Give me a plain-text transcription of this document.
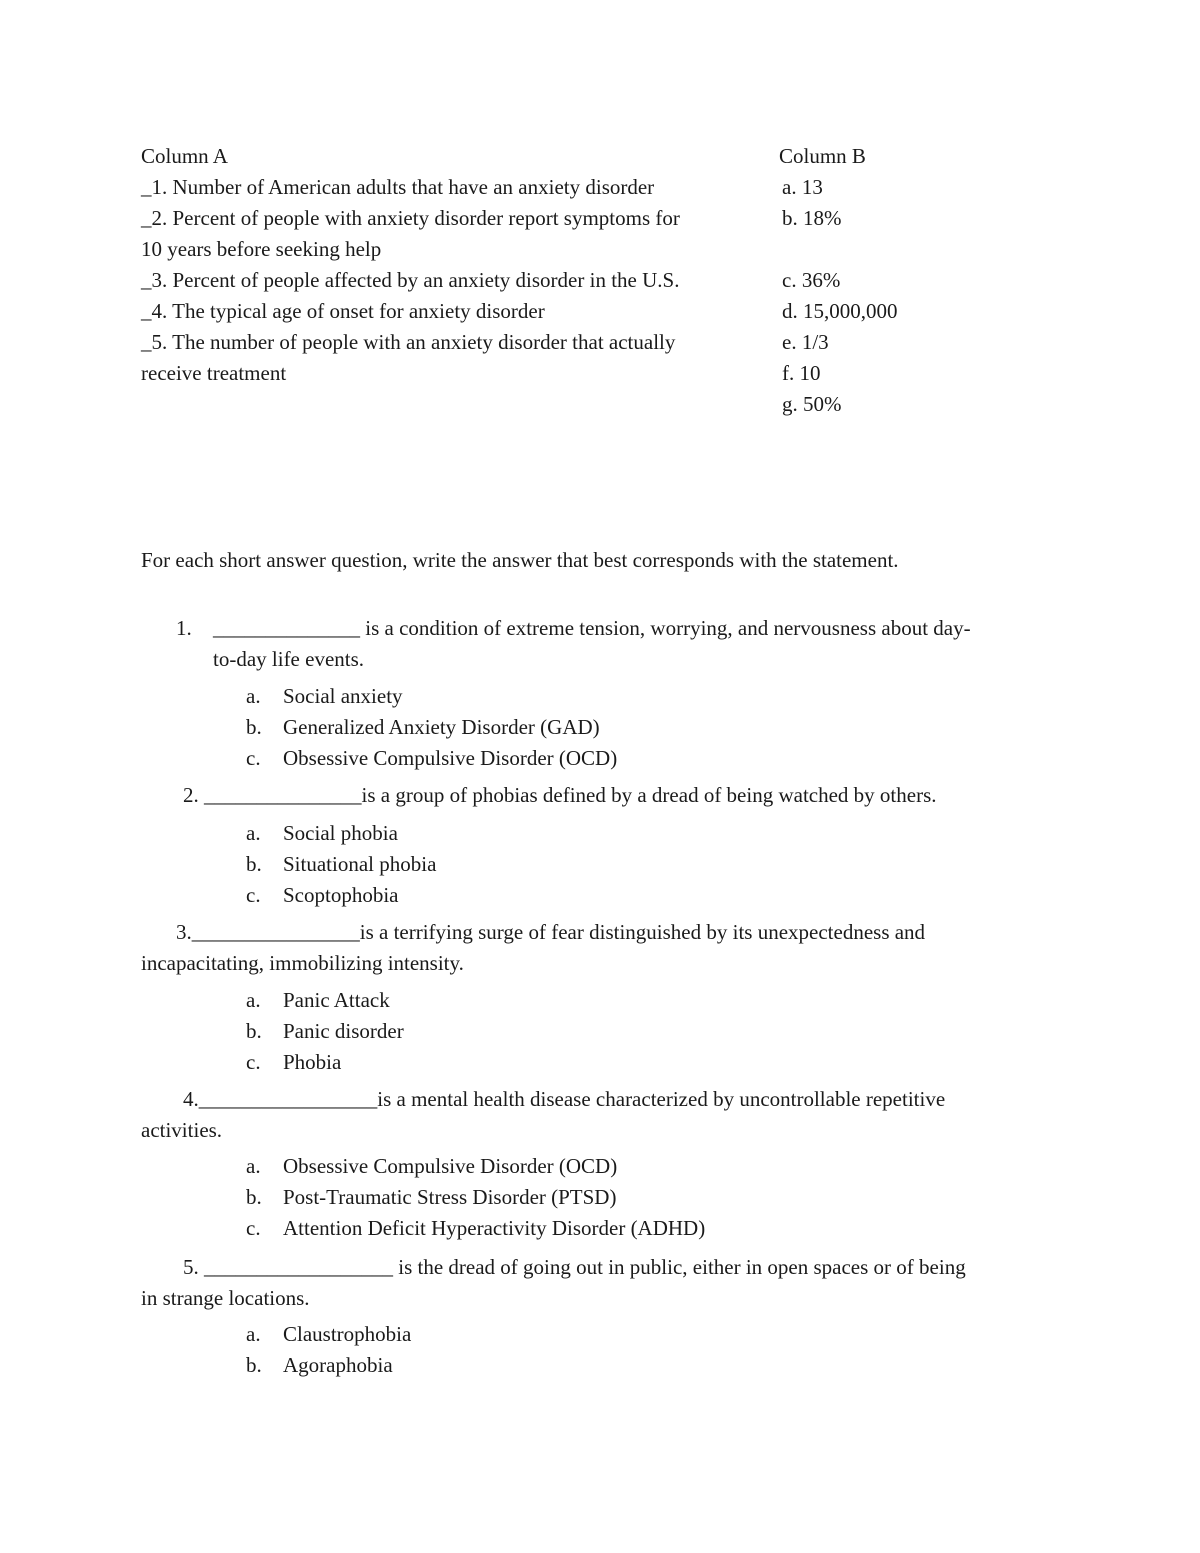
Column A
_1. Number of American adults that have an anxiety disorder
_2. Percent of people with anxiety disorder report symptoms for
10 years before seeking help
_3. Percent of people affected by an anxiety disorder in the U.S.
_4. The typical age of onset for anxiety disorder
_5. The number of people with an anxiety disorder that actually
receive treatment
Column B
a. 13
b. 18%
c. 36%
d. 15,000,000
e. 1/3
f. 10
g. 50%
For each short answer question, write the answer that best corresponds with the statement.
1. ______________ is a condition of extreme tension, worrying, and nervousness about day-
to-day life events.
a. Social anxiety
b. Generalized Anxiety Disorder (GAD)
c. Obsessive Compulsive Disorder (OCD)
2. _______________is a group of phobias defined by a dread of being watched by others.
a. Social phobia
b. Situational phobia
c. Scoptophobia
3.________________is a terrifying surge of fear distinguished by its unexpectedness and
incapacitating, immobilizing intensity.
a. Panic Attack
b. Panic disorder
c. Phobia
4._________________is a mental health disease characterized by uncontrollable repetitive
activities.
a. Obsessive Compulsive Disorder (OCD)
b. Post-Traumatic Stress Disorder (PTSD)
c. Attention Deficit Hyperactivity Disorder (ADHD)
5. __________________ is the dread of going out in public, either in open spaces or of being
in strange locations.
a. Claustrophobia
b. Agoraphobia
